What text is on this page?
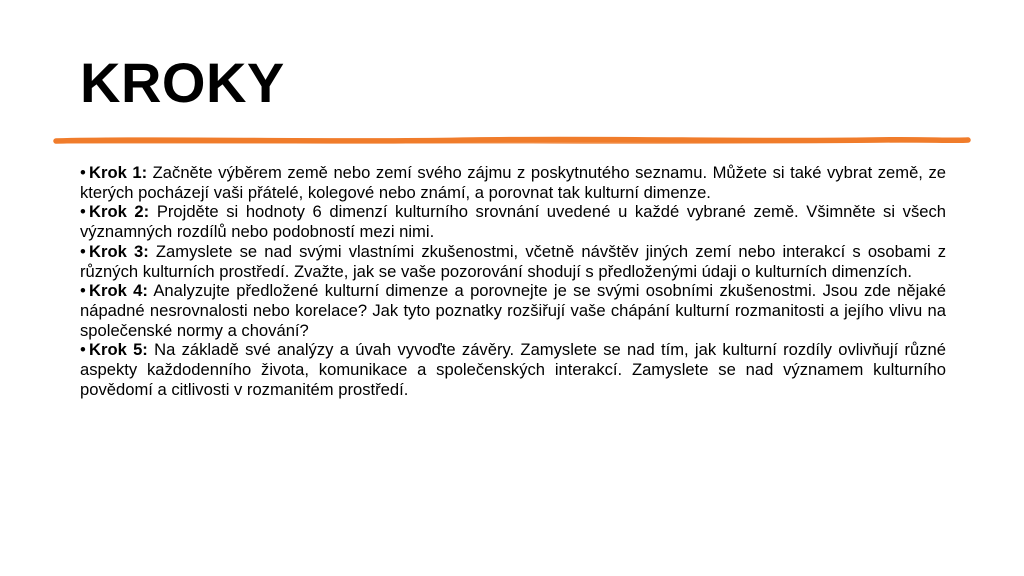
KROKY

• Krok 1: Začněte výběrem země nebo zemí svého zájmu z poskytnutého seznamu. Můžete si také vybrat země, ze kterých pocházejí vaši přátelé, kolegové nebo známí, a porovnat tak kulturní dimenze.

• Krok 2: Projděte si hodnoty 6 dimenzí kulturního srovnání uvedené u každé vybrané země. Všimněte si všech významných rozdílů nebo podobností mezi nimi.

• Krok 3: Zamyslete se nad svými vlastními zkušenostmi, včetně návštěv jiných zemí nebo interakcí s osobami z různých kulturních prostředí. Zvažte, jak se vaše pozorování shodují s předloženými údaji o kulturních dimenzích.

• Krok 4: Analyzujte předložené kulturní dimenze a porovnejte je se svými osobními zkušenostmi. Jsou zde nějaké nápadné nesrovnalosti nebo korelace? Jak tyto poznatky rozšiřují vaše chápání kulturní rozmanitosti a jejího vlivu na společenské normy a chování?

• Krok 5: Na základě své analýzy a úvah vyvoďte závěry. Zamyslete se nad tím, jak kulturní rozdíly ovlivňují různé aspekty každodenního života, komunikace a společenských interakcí. Zamyslete se nad významem kulturního povědomí a citlivosti v rozmanitém prostředí.
